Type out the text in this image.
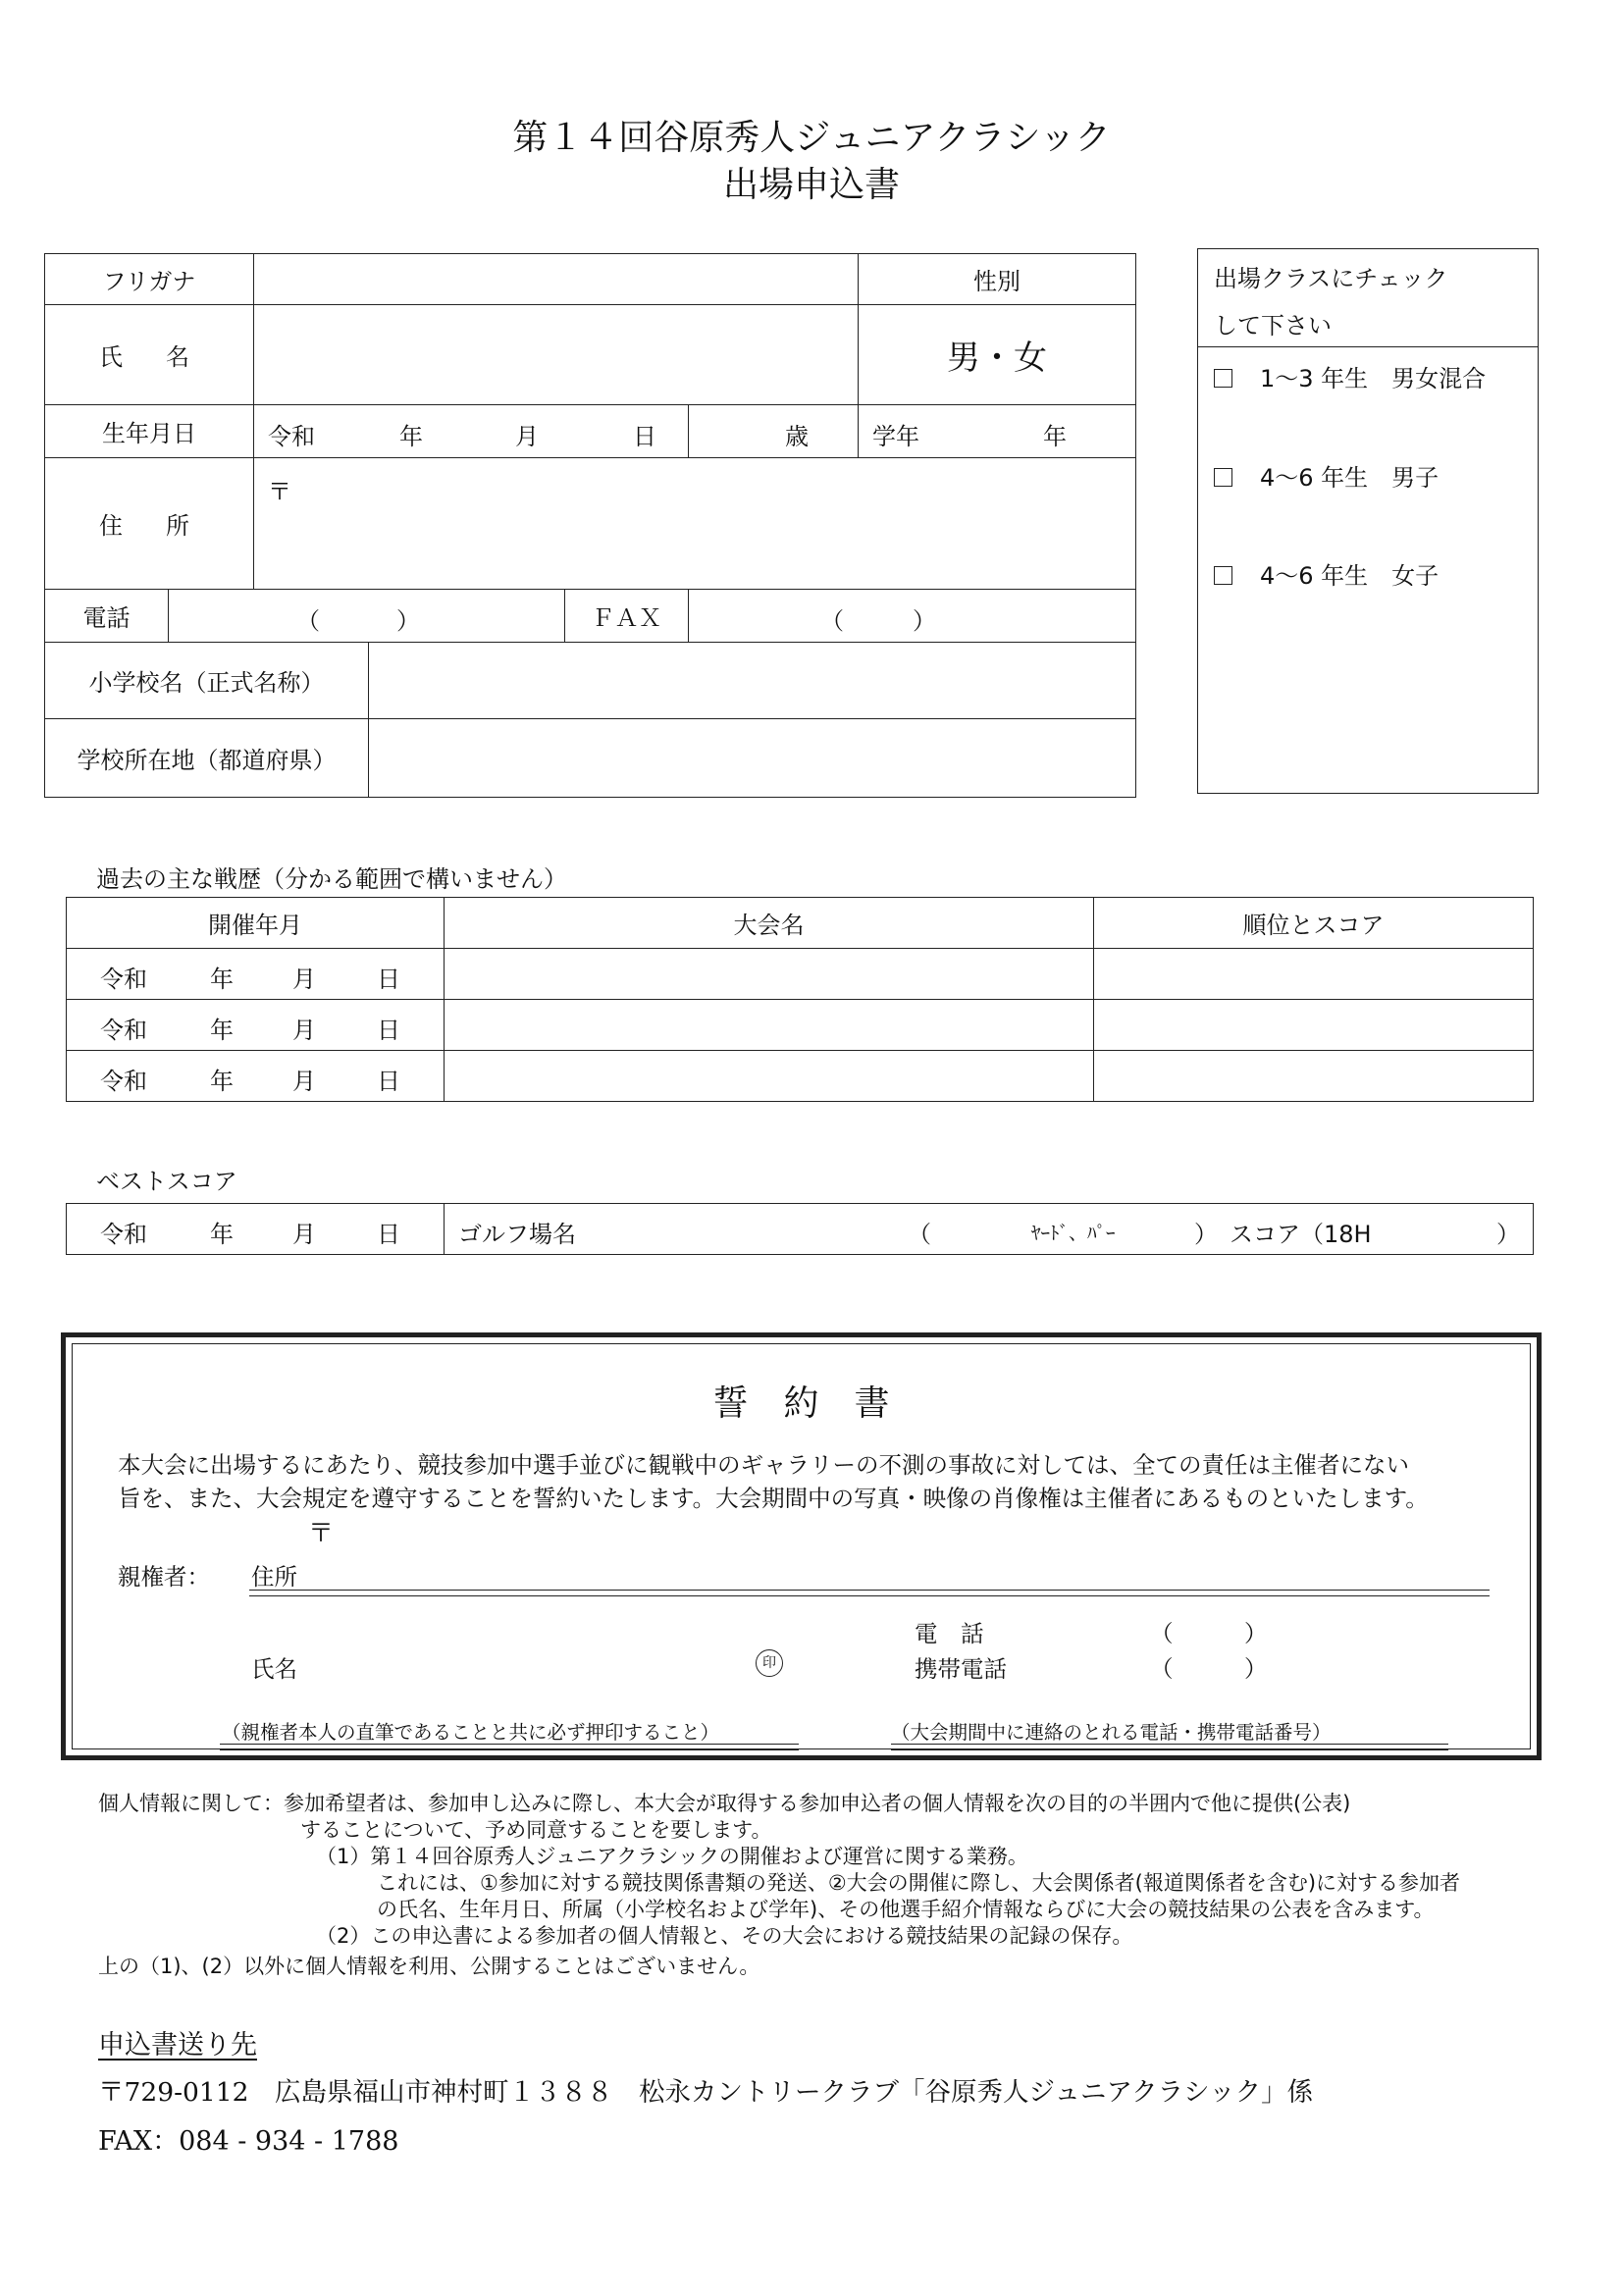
第１４回谷原秀人ジュニアクラシック
出場申込書
フリガナ		性別
氏　名		男・女
生年月日	令和	年	月	日	歳	学年	年
住　所	
〒
電話	（	）	ＦＡＸ	（	）
小学校名（正式名称）	
学校所在地（都道府県）	
出場クラスにチェック
して下さい
1～3 年生　男女混合
4～6 年生　男子
4～6 年生　女子
過去の主な戦歴（分かる範囲で構いません）
開催年月	大会名	順位とスコア

令和 年 月 日		

令和 年 月 日		

令和 年 月 日		

ベストスコア
令和	年	月	日	ゴルフ場名	（	ﾔｰﾄﾞ、ﾊﾟｰ	） スコア（18H	）
誓　約　書
本大会に出場するにあたり、競技参加中選手並びに観戦中のギャラリーの不測の事故に対しては、全ての責任は主催者にない
旨を、また、大会規定を遵守することを誓約いたします。大会期間中の写真・映像の肖像権は主催者にあるものといたします。
〒
親権者： 住所
電　話	（	）
氏名	印	携帯電話	（	）
（親権者本人の直筆であることと共に必ず押印すること）	（大会期間中に連絡のとれる電話・携帯電話番号）
個人情報に関して：参加希望者は、参加申し込みに際し、本大会が取得する参加申込者の個人情報を次の目的の半囲内で他に提供(公表)
することについて、予め同意することを要します。
（1）第１４回谷原秀人ジュニアクラシックの開催および運営に関する業務。
これには、①参加に対する競技関係書類の発送、②大会の開催に際し、大会関係者(報道関係者を含む)に対する参加者
の氏名、生年月日、所属（小学校名および学年)、その他選手紹介情報ならびに大会の競技結果の公表を含みます。
（2）この申込書による参加者の個人情報と、その大会における競技結果の記録の保存。
上の（1)、(2）以外に個人情報を利用、公開することはございません。
申込書送り先
〒729-0112　広島県福山市神村町１３８８　松永カントリークラブ「谷原秀人ジュニアクラシック」係
FAX：084 - 934 - 1788
